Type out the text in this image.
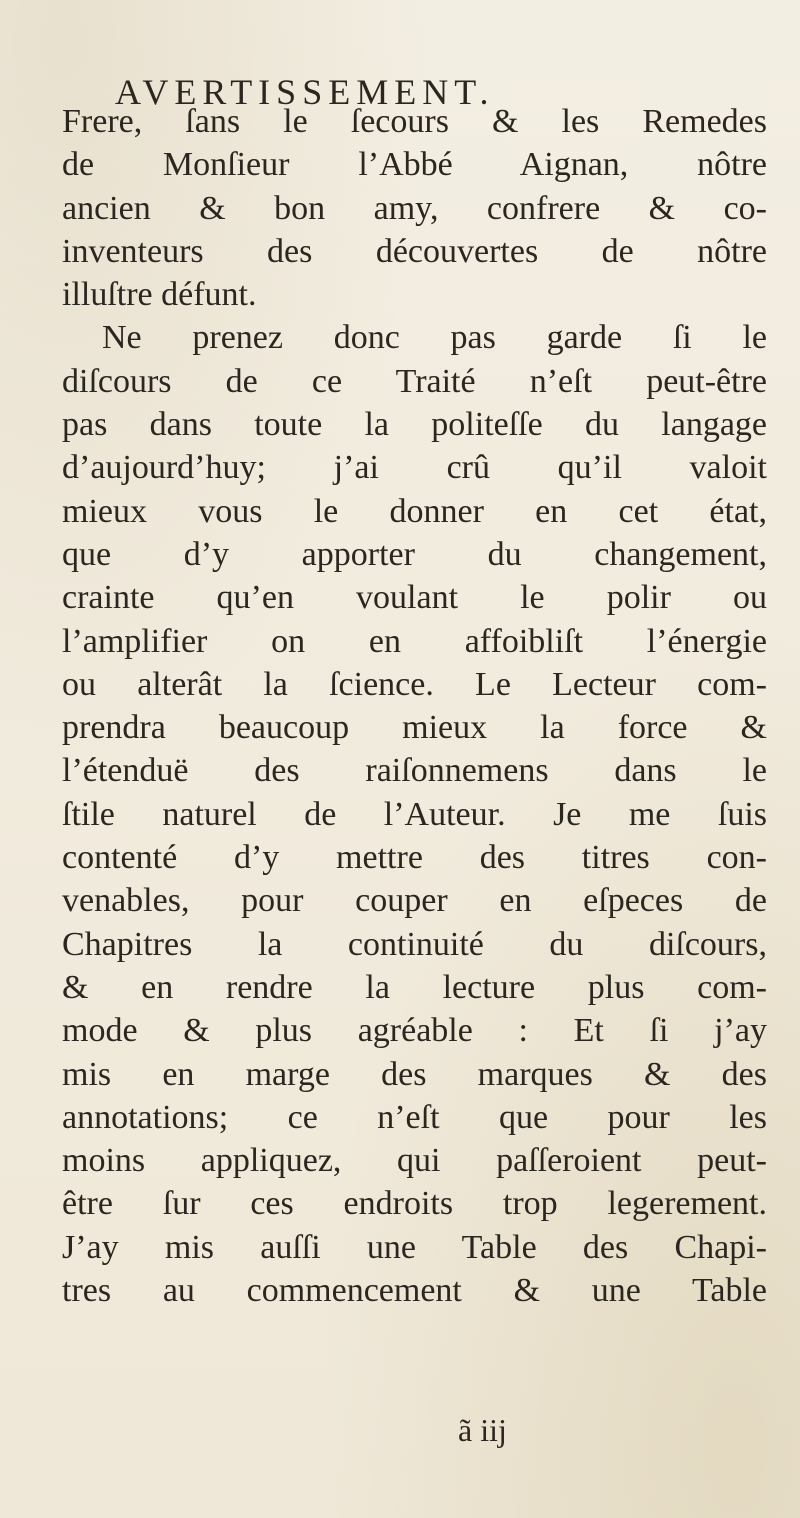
AVERTISSEMENT.
Frere, ſans le ſecours & les Remedes
de Monſieur l’Abbé Aignan, nôtre
ancien & bon amy, confrere & co-
inventeurs des découvertes de nôtre
illuſtre défunt.
Ne prenez donc pas garde ſi le
diſcours de ce Traité n’eſt peut-être
pas dans toute la politeſſe du langage
d’aujourd’huy; j’ai crû qu’il valoit
mieux vous le donner en cet état,
que d’y apporter du changement,
crainte qu’en voulant le polir ou
l’amplifier on en affoibliſt l’énergie
ou alterât la ſcience. Le Lecteur com-
prendra beaucoup mieux la force &
l’étenduë des raiſonnemens dans le
ſtile naturel de l’Auteur. Je me ſuis
contenté d’y mettre des titres con-
venables, pour couper en eſpeces de
Chapitres la continuité du diſcours,
& en rendre la lecture plus com-
mode & plus agréable : Et ſi j’ay
mis en marge des marques & des
annotations; ce n’eſt que pour les
moins appliquez, qui paſſeroient peut-
être ſur ces endroits trop legerement.
J’ay mis auſſi une Table des Chapi-
tres au commencement & une Table
ã iij
